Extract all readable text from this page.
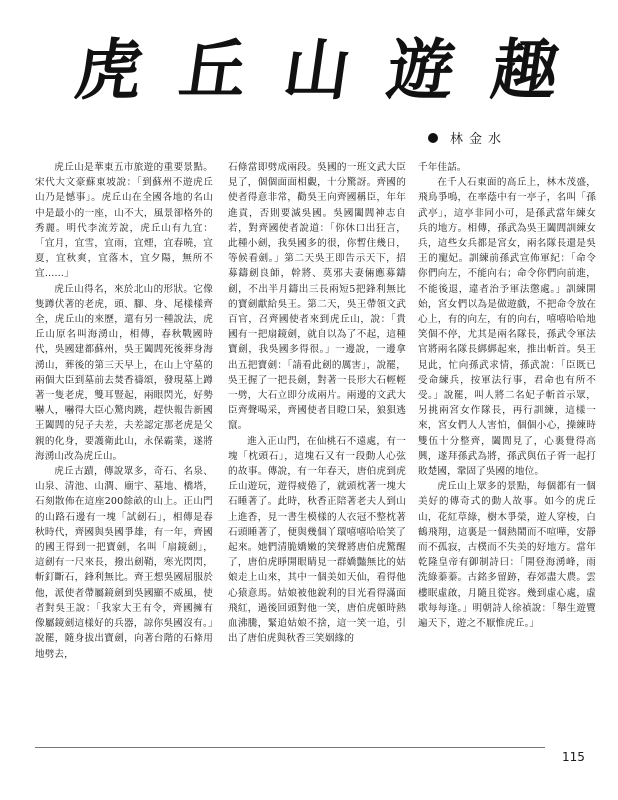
虎 丘 山 遊 趣
林金水

虎丘山是華東五市旅遊的重要景點。宋代大文豪蘇東坡說：「到蘇州不遊虎丘山乃是憾事」。虎丘山在全國各地的名山中是最小的一座，山不大，風景卻格外的秀麗。明代李流芳說，虎丘山有九宜：「宜月，宜雪，宜雨，宜煙，宜春曉，宜夏，宜秋爽，宜落木，宜夕陽，無所不宜……」

虎丘山得名，來於北山的形狀。它像隻蹲伏著的老虎，頭、腳、身、尾樣樣齊全，虎丘山的來歷，還有另一種說法，虎丘山原名叫海湧山，相傳，春秋戰國時代，吳國建都蘇州，吳王闔閭死後葬身海湧山，葬後的第三天早上，在山上守墓的兩個大臣到墓前去焚香禱頌，發現墓上蹲著一隻老虎，雙耳豎起，兩眼閃光，好勢嚇人，嚇得大臣心驚肉跳，趕快報告新國王闔閭的兒子夫差，夫差認定那老虎是父親的化身，要護衛此山，永保霸業，遂將海湧山改為虎丘山。

虎丘古蹟，傳說眾多，奇石、名泉、山泉、清池、山澗、廟宇、墓地、橋塔，石刻散佈在這座200餘畝的山上。正山門的山路石邊有一塊「試劍石」，相傳是春秋時代，齊國與吳國爭雄，有一年，齊國的國王得到一把寶劍，名叫「扇鏡劍」，這劍有一尺來長，撥出劍鞘，寒光閃閃，斬釘斷石，鋒利無比。齊王想吳國屈服於他，派使者帶屬鏡劍到吳國顯不威風，使者對吳王說：「我家大王有令，齊國擁有像屬鏡劍這樣好的兵器，諒你吳國沒有。」說罷，隨身拔出寶劍，向著台階的石條用地劈去，

石條當即劈成兩段。吳國的一班文武大臣見了，個個面面相覷，十分驚訝。齊國的使者得意非常，勸吳王向齊國稱臣，年年進貢，否則要滅吳國。吳國闔閭神志自若，對齊國使者說道：「你休口出狂言，此種小劍，我吳國多的很，你暫住幾日，等候看劍。」第二天吳王即告示天下，招募鑄劍良師，幹將、莫邪夫妻倆應募鑄劍，不出半月鑄出三長兩短5把鋒利無比的寶劍獻給吳王。第二天，吳王帶領文武百官，召齊國使者來到虎丘山，說：「貴國有一把扇鏡劍，就自以為了不起，這種寶劍，我吳國多得很。」一邊說，一邊拿出五把寶劍：「請看此劍的厲害」，說罷，吳王握了一把長劍，對著一長形大石輕輕一劈，大石立即分成兩片。兩邊的文武大臣齊聲喝采，齊國使者目瞪口呆，狼狽逃竄。

進入正山門，在仙桃石不遠處，有一塊「枕頭石」，這塊石又有一段動人心弦的故事。傳說，有一年春天，唐伯虎到虎丘山遊玩，遊得疲倦了，就頭枕著一塊大石睡著了。此時，秋香正陪著老夫人到山上進香，見一書生模樣的人衣冠不整枕著石頭睡著了，便與幾個丫環嘻嘻哈哈笑了起來。她們清脆嬌嫩的笑聲將唐伯虎驚醒了，唐伯虎睜開眼睛見一群嬌豔無比的姑娘走上山來，其中一個美如天仙，看得他心猿意馬。姑娘被他銳利的目光看得滿面飛紅，過後回頭對他一笑，唐伯虎頓時熱血沸騰，緊追姑娘不捨，這一笑一追，引出了唐伯虎與秋香三笑姻緣的

千年佳話。

在千人石東面的高丘上，林木茂盛，飛鳥爭鳴，在率蔭中有一亭子，名叫「孫武亭」，這亭非同小可，是孫武當年練女兵的地方。相傳，孫武為吳王闔閭訓練女兵，這些女兵都是宮女，兩名隊長還是吳王的寵妃。訓練前孫武宣佈軍紀：「命令你們向左，不能向右；命令你們向前進，不能後退，違者治予軍法懲處。」訓練開始，宮女們以為是做遊戲，不把命令放在心上，有的向左，有的向右，嘻嘻哈哈地笑個不停，尤其是兩名隊長，孫武令軍法官將兩名隊長綁綁起來，推出斬首。吳王見此，忙向孫武求情，孫武說：「臣既已受命練兵，按軍法行事，君命也有所不受。」說罷，叫人將二名妃子斬首示眾，另挑兩宮女作隊長，再行訓練，這樣一來，宮女們人人害怕，個個小心，操練時雙伍十分整齊，闔閭見了，心裏覺得高興，遂拜孫武為將，孫武與伍子胥一起打敗楚國，鞏固了吳國的地位。

虎丘山上眾多的景點，每個都有一個美好的傳奇式的動人故事。如今的虎丘山，花紅草綠，樹木爭榮，遊人穿梭，白鶴飛翔，這裏是一個熱鬧而不喧嘩，安靜而不孤寂，古樸而不失美的好地方。當年乾隆皇帝有御制詩曰：「開登海湧峰，雨洗綠蓁蓁。古銘多留跡，春郊盡大農。雲樓眠虛啟，月隨且從容。幾到虛心處，虛歌每每逢。」明朝詩人徐禎說：「舉生遊覽遍天下，遊之不厭惟虎丘。」

115
